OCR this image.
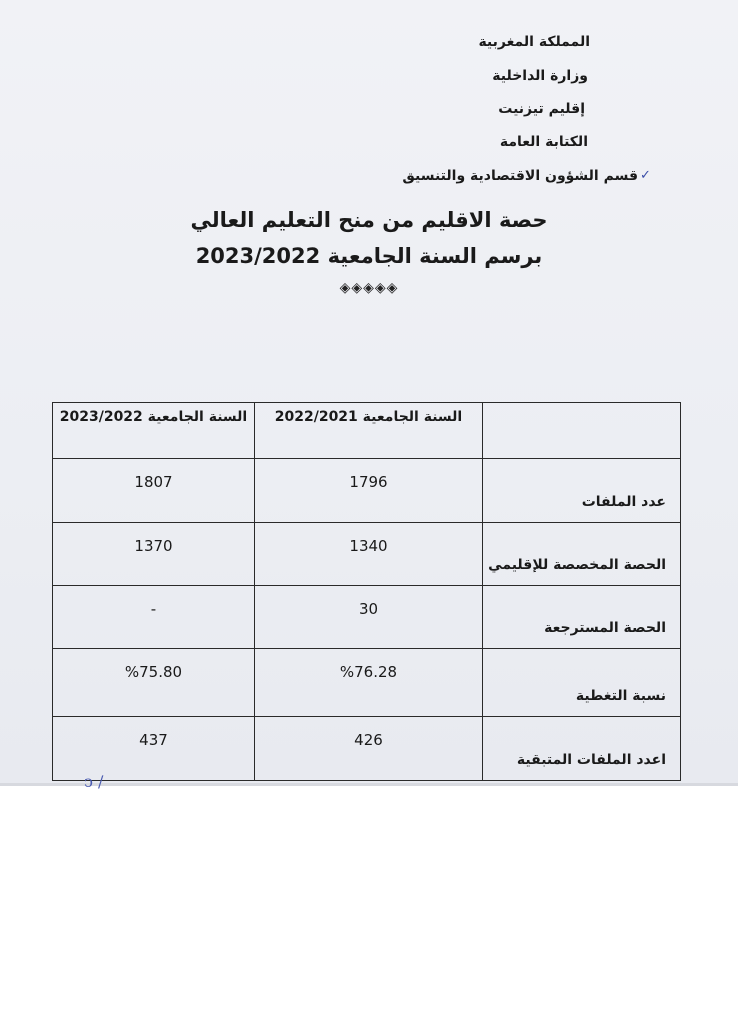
المملكة المغربية
وزارة الداخلية
إقليم تيزنيت
الكتابة العامة
قسم الشؤون الاقتصادية والتنسيق ✓
حصة الاقليم من منح التعليم العالي
برسم السنة الجامعية 2023/2022
◈◈◈◈◈
	السنة الجامعية 2022/2021	السنة الجامعية 2023/2022
عدد الملفات	1796	1807
الحصة المخصصة للإقليمي	1340	1370
الحصة المسترجعة	30	-
نسبة التغطية	%76.28	%75.80
اعدد الملفات المتبقية	426	437
ↄ ∕
